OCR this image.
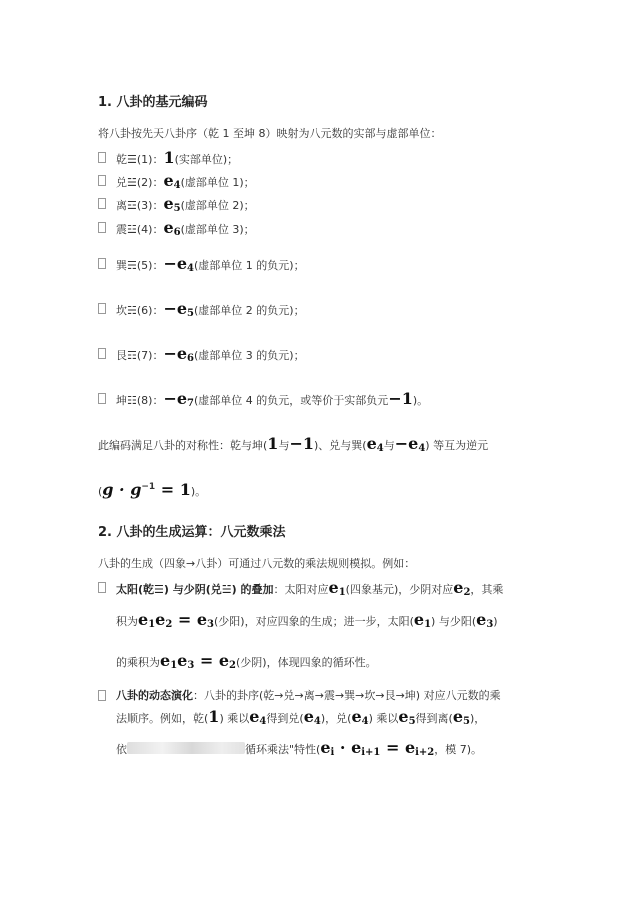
1. 八卦的基元编码
将八卦按先天八卦序（乾 1 至坤 8）映射为八元数的实部与虚部单位：
乾☰(1)：1(实部单位)；
兑☱(2)：$e_4$(虚部单位 1)；
离☲(3)：$e_5$(虚部单位 2)；
震☳(4)：$e_6$(虚部单位 3)；
巽☴(5)：$-e_4$(虚部单位 1 的负元)；
坎☵(6)：$-e_5$(虚部单位 2 的负元)；
艮☶(7)：$-e_6$(虚部单位 3 的负元)；
坤☷(8)：$-e_7$(虚部单位 4 的负元，或等价于实部负元−1)。
此编码满足八卦的对称性：乾与坤(1与−1)、兑与巽($e_4$与$-e_4$) 等互为逆元
$(g \cdot g^{-1} = 1)$。
2. 八卦的生成运算：八元数乘法
八卦的生成（四象→八卦）可通过八元数的乘法规则模拟。例如：
太阳(乾☰) 与少阴(兑☱) 的叠加：太阳对应$e_1$(四象基元)，少阴对应$e_2$，其乘
积为$e_1e_2 = e_3$(少阳)，对应四象的生成；进一步，太阳$(e_1)$ 与少阳$(e_3)$
的乘积为$e_1e_3 = e_2$(少阴)，体现四象的循环性。
八卦的动态演化：八卦的卦序(乾→兑→离→震→巽→坎→艮→坤) 对应八元数的乘
法顺序。例如，乾(1) 乘以$e_4$得到兑$(e_4)$，兑$(e_4)$ 乘以$e_5$得到离$(e_5)$，
依	循环乘法"特性($e_i \cdot e_{i+1} = e_{i+2}$，模 7)。
